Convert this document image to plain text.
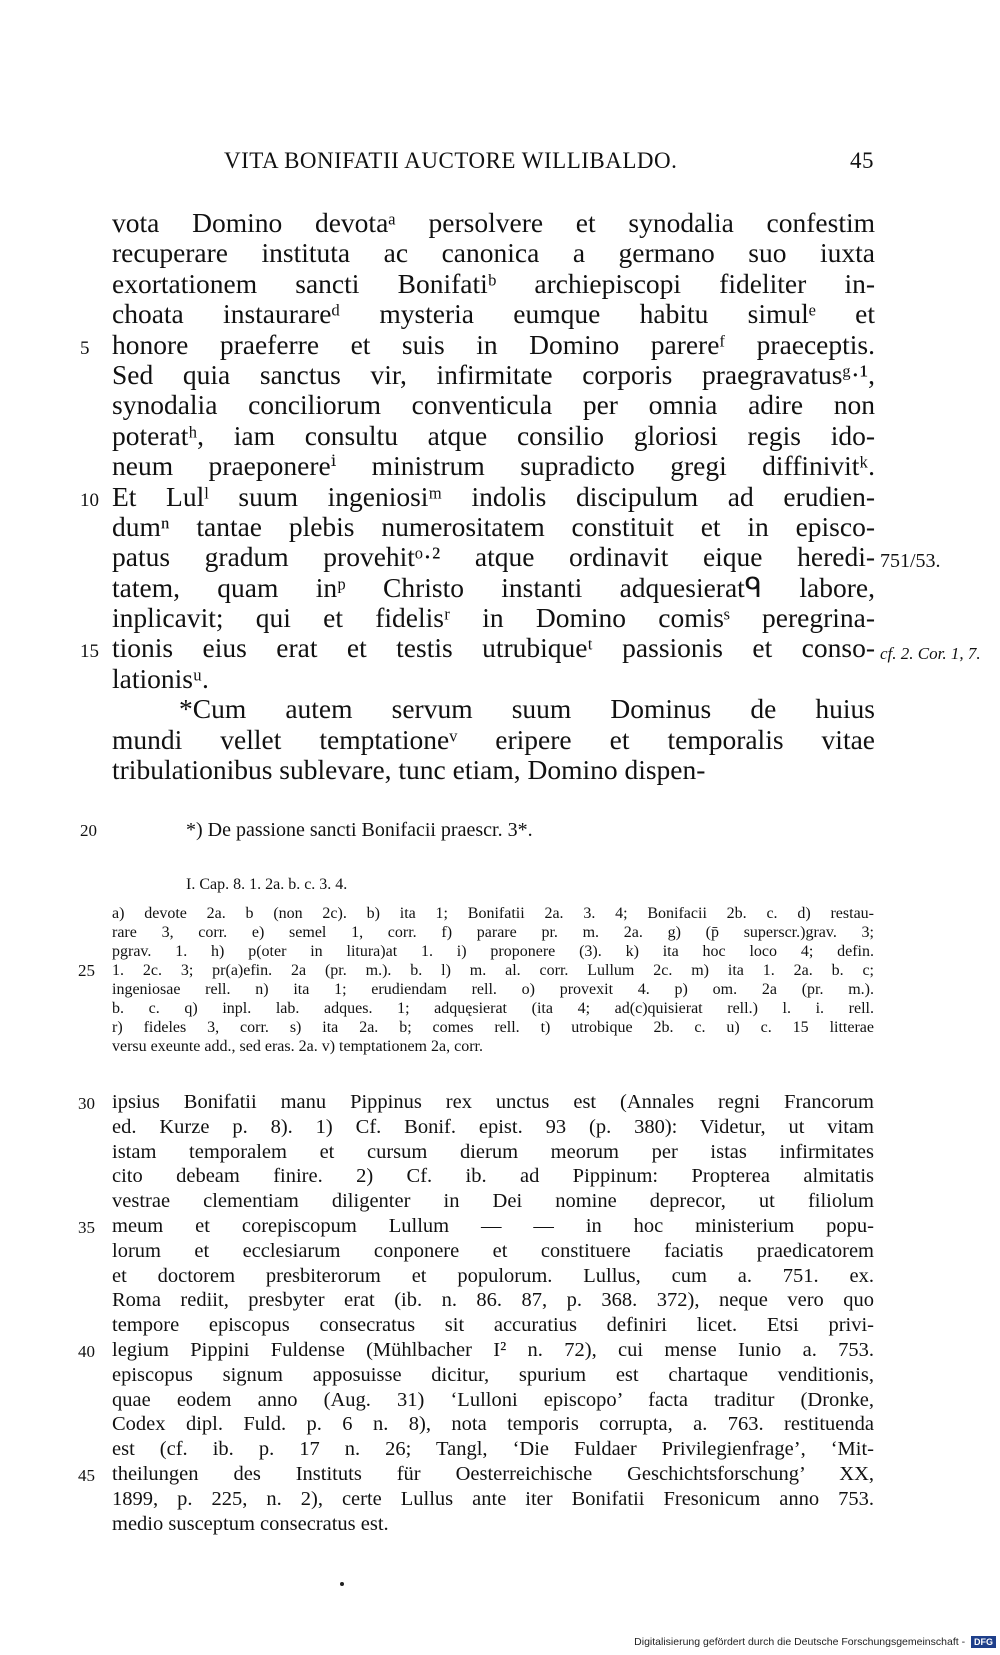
VITA BONIFATII AUCTORE WILLIBALDO.	45
vota Domino devotaᵃ persolvere et synodalia confestim
recuperare instituta ac canonica a germano suo iuxta
exortationem sancti Bonifatiᵇ archiepiscopi fideliter in-
choata instaurareᵈ mysteria eumque habitu simulᵉ et
honore praeferre et suis in Domino parereᶠ praeceptis.
5
Sed quia sanctus vir, infirmitate corporis praegravatusᵍ·¹,
synodalia conciliorum conventicula per omnia adire non
poteratʰ, iam consultu atque consilio gloriosi regis ido-
neum praeponereⁱ ministrum supradicto gregi diffinivitᵏ.
Et Lulˡ suum ingeniosiᵐ indolis discipulum ad erudien-
10
dumⁿ tantae plebis numerositatem constituit et in episco-
patus gradum provehitᵒ·² atque ordinavit eique heredi- 751/53.
tatem, quam inᵖ Christo instanti adquesieratᑫ labore,
inplicavit; qui et fidelisʳ in Domino comisˢ peregrina-
tionis eius erat et testis utrubiqueᵗ passionis et conso-
15	cf. 2. Cor. 1, 7.
lationisᵘ.
*Cum autem servum suum Dominus de huius
mundi vellet temptationeᵛ eripere et temporalis vitae
tribulationibus sublevare, tunc etiam, Domino dispen-
20	*) De passione sancti Bonifacii praescr. 3*.
I. Cap. 8. 1. 2a. b. c. 3. 4.
a) devote 2a. b (non 2c). b) ita 1; Bonifatii 2a. 3. 4; Bonifacii 2b. c. d) restau-
rare 3, corr. e) semel 1, corr. f) parare pr. m. 2a. g) (p̄ superscr.)grav. 3;
pgrav. 1. h) p(oter in litura)at 1. i) proponere (3). k) ita hoc loco 4; defin.
1. 2c. 3; pr(a)efin. 2a (pr. m.). b. l) m. al. corr. Lullum 2c. m) ita 1. 2a. b. c;
25
ingeniosae rell. n) ita 1; erudiendam rell. o) provexit 4. p) om. 2a (pr. m.).
b. c. q) inpl. lab. adques. 1; adquęsierat (ita 4; ad(c)quisierat rell.) l. i. rell.
r) fideles 3, corr. s) ita 2a. b; comes rell. t) utrobique 2b. c. u) c. 15 litterae
versu exeunte add., sed eras. 2a. v) temptationem 2a, corr.
ipsius Bonifatii manu Pippinus rex unctus est (Annales regni Francorum
30
ed. Kurze p. 8). 1) Cf. Bonif. epist. 93 (p. 380): Videtur, ut vitam
istam temporalem et cursum dierum meorum per istas infirmitates
cito debeam finire. 2) Cf. ib. ad Pippinum: Propterea almitatis
vestrae clementiam diligenter in Dei nomine deprecor, ut filiolum
meum et corepiscopum Lullum — — in hoc ministerium popu-
35
lorum et ecclesiarum conponere et constituere faciatis praedicatorem
et doctorem presbiterorum et populorum. Lullus, cum a. 751. ex.
Roma rediit, presbyter erat (ib. n. 86. 87, p. 368. 372), neque vero quo
tempore episcopus consecratus sit accuratius definiri licet. Etsi privi-
legium Pippini Fuldense (Mühlbacher I² n. 72), cui mense Iunio a. 753.
40
episcopus signum apposuisse dicitur, spurium est chartaque venditionis,
quae eodem anno (Aug. 31) ‘Lulloni episcopo’ facta traditur (Dronke,
Codex dipl. Fuld. p. 6 n. 8), nota temporis corrupta, a. 763. restituenda
est (cf. ib. p. 17 n. 26; Tangl, ‘Die Fuldaer Privilegienfrage’, ‘Mit-
theilungen des Instituts für Oesterreichische Geschichtsforschung’ XX,
45
1899, p. 225, n. 2), certe Lullus ante iter Bonifatii Fresonicum anno 753.
medio susceptum consecratus est.
Digitalisierung gefördert durch die Deutsche Forschungsgemeinschaft - DFG
